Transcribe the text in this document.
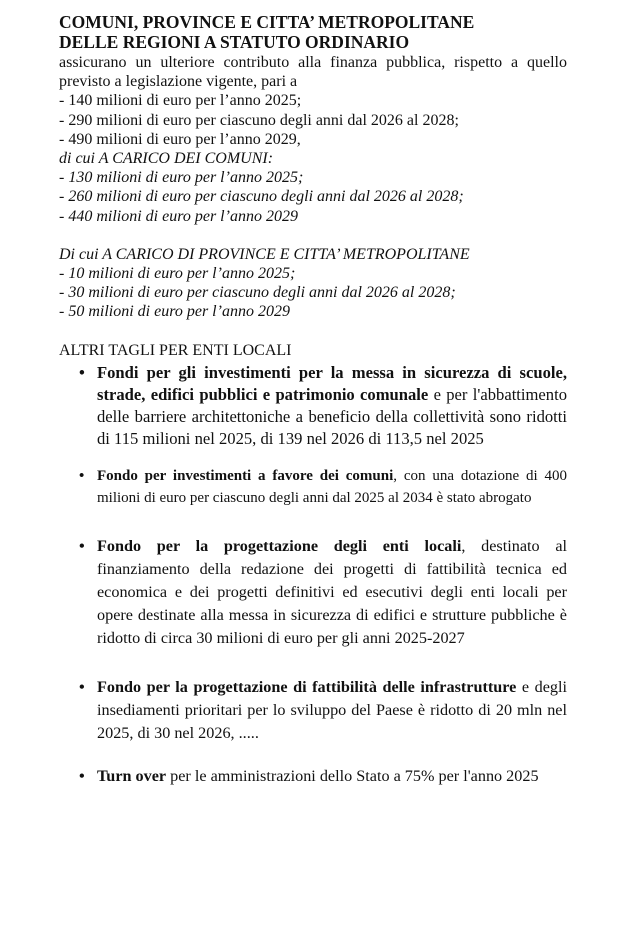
COMUNI, PROVINCE E CITTA’ METROPOLITANE
DELLE REGIONI A STATUTO ORDINARIO
assicurano un ulteriore contributo alla finanza pubblica, rispetto a quello previsto a legislazione vigente, pari a
- 140 milioni di euro per l’anno 2025;
- 290 milioni di euro per ciascuno degli anni dal 2026 al 2028;
- 490 milioni di euro per l’anno 2029,
di cui A CARICO DEI COMUNI:
- 130 milioni di euro per l’anno 2025;
- 260 milioni di euro per ciascuno degli anni dal 2026 al 2028;
- 440 milioni di euro per l’anno 2029
Di cui A CARICO DI PROVINCE E CITTA’ METROPOLITANE
- 10 milioni di euro per l’anno 2025;
- 30 milioni di euro per ciascuno degli anni dal 2026 al 2028;
- 50 milioni di euro per l’anno 2029
ALTRI TAGLI PER ENTI LOCALI
• Fondi per gli investimenti per la messa in sicurezza di scuole, strade, edifici pubblici e patrimonio comunale e per l'abbattimento delle barriere architettoniche a beneficio della collettività sono ridotti di 115 milioni nel 2025, di 139 nel 2026 di 113,5 nel 2025
• Fondo per investimenti a favore dei comuni, con una dotazione di 400 milioni di euro per ciascuno degli anni dal 2025 al 2034 è stato abrogato
• Fondo per la progettazione degli enti locali, destinato al finanziamento della redazione dei progetti di fattibilità tecnica ed economica e dei progetti definitivi ed esecutivi degli enti locali per opere destinate alla messa in sicurezza di edifici e strutture pubbliche è ridotto di circa 30 milioni di euro per gli anni 2025-2027
• Fondo per la progettazione di fattibilità delle infrastrutture e degli insediamenti prioritari per lo sviluppo del Paese è ridotto di 20 mln nel 2025, di 30 nel 2026, .....
• Turn over per le amministrazioni dello Stato a 75% per l'anno 2025
